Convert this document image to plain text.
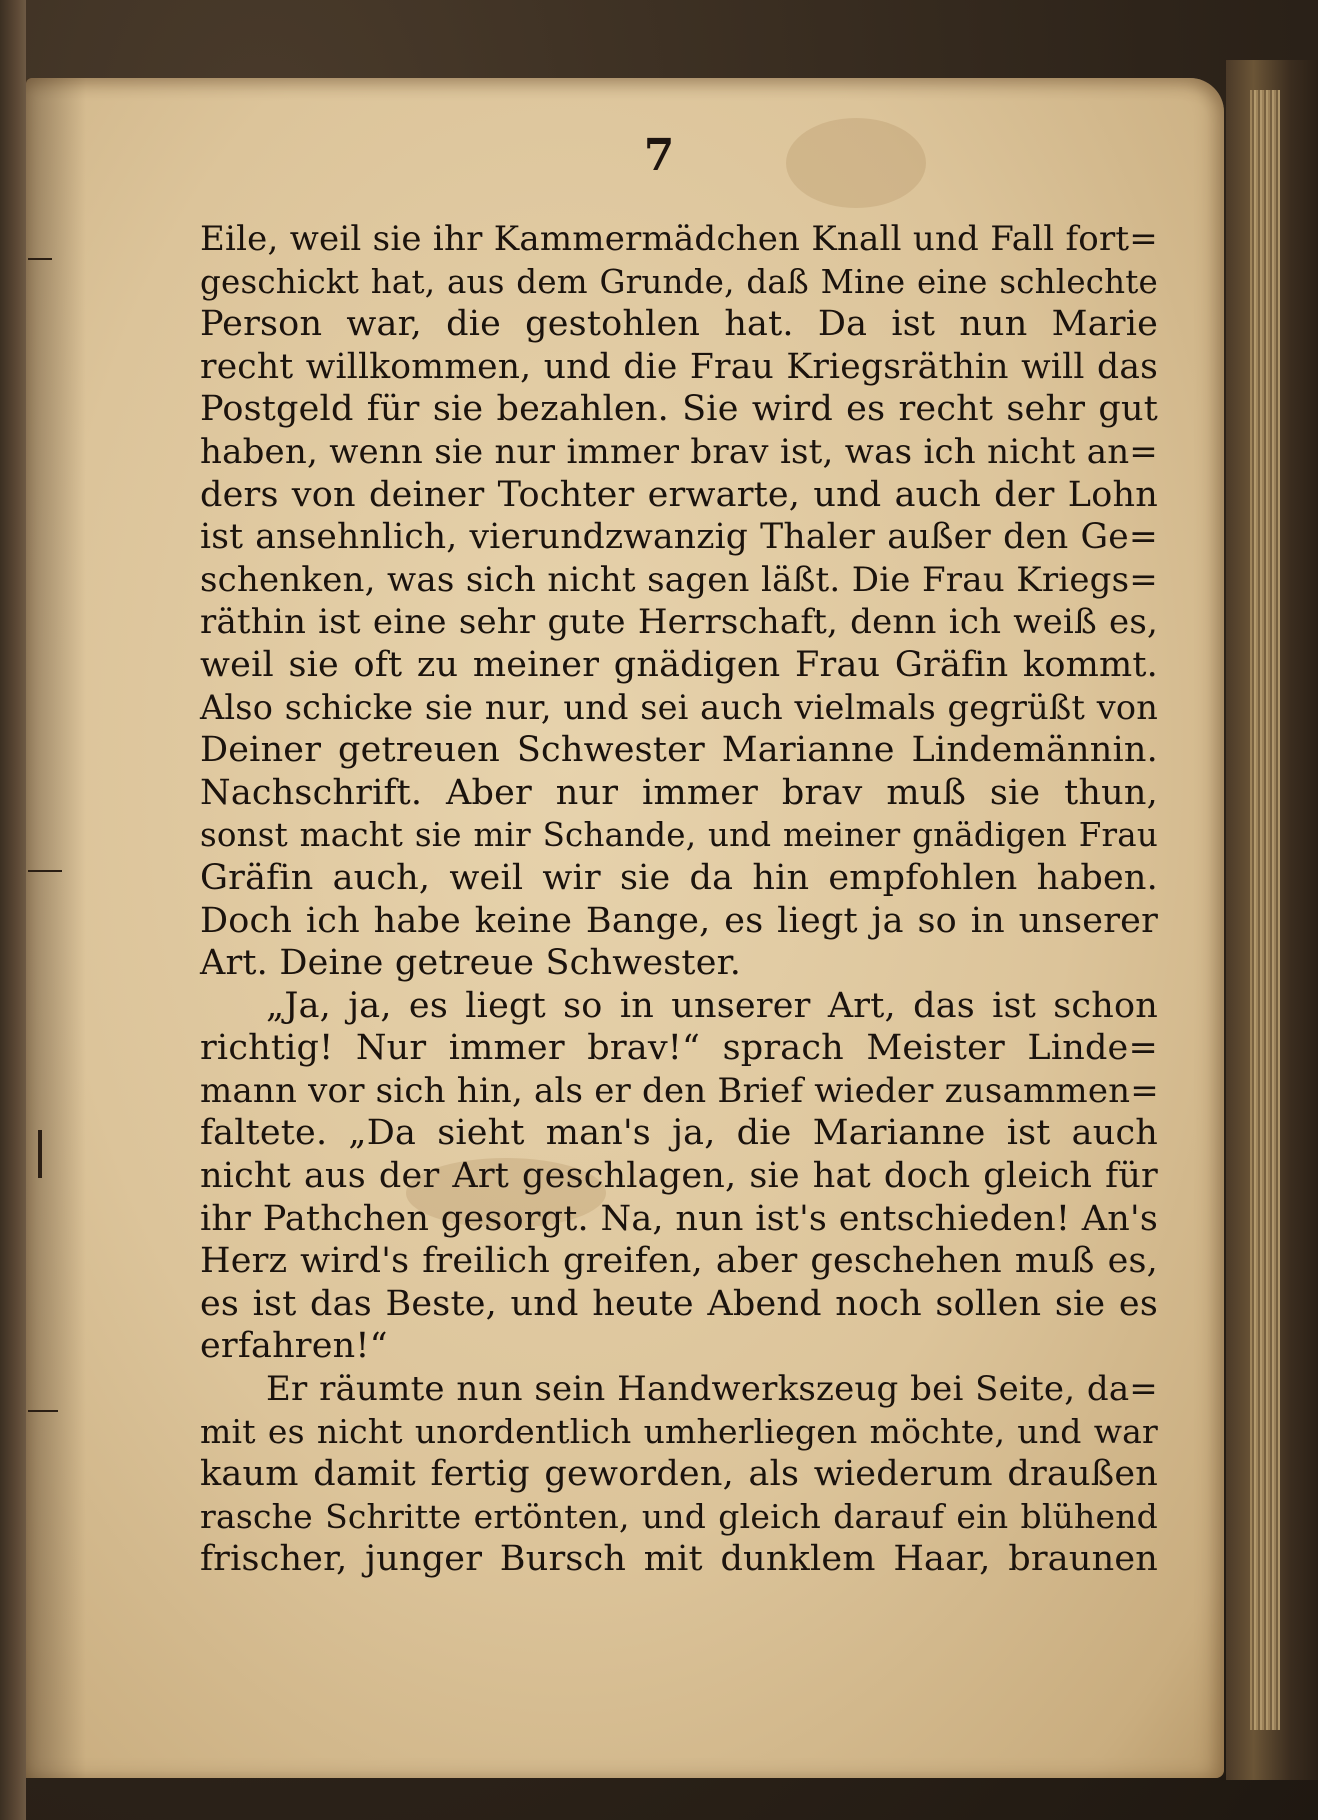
7
Eile, weil sie ihr Kammermädchen Knall und Fall fort=
geschickt hat, aus dem Grunde, daß Mine eine schlechte
Person war, die gestohlen hat. Da ist nun Marie
recht willkommen, und die Frau Kriegsräthin will das
Postgeld für sie bezahlen. Sie wird es recht sehr gut
haben, wenn sie nur immer brav ist, was ich nicht an=
ders von deiner Tochter erwarte, und auch der Lohn
ist ansehnlich, vierundzwanzig Thaler außer den Ge=
schenken, was sich nicht sagen läßt. Die Frau Kriegs=
räthin ist eine sehr gute Herrschaft, denn ich weiß es,
weil sie oft zu meiner gnädigen Frau Gräfin kommt.
Also schicke sie nur, und sei auch vielmals gegrüßt von
Deiner getreuen Schwester Marianne Lindemännin.
Nachschrift. Aber nur immer brav muß sie thun,
sonst macht sie mir Schande, und meiner gnädigen Frau
Gräfin auch, weil wir sie da hin empfohlen haben.
Doch ich habe keine Bange, es liegt ja so in unserer
Art. Deine getreue Schwester.
„Ja, ja, es liegt so in unserer Art, das ist schon
richtig! Nur immer brav!“ sprach Meister Linde=
mann vor sich hin, als er den Brief wieder zusammen=
faltete. „Da sieht man's ja, die Marianne ist auch
nicht aus der Art geschlagen, sie hat doch gleich für
ihr Pathchen gesorgt. Na, nun ist's entschieden! An's
Herz wird's freilich greifen, aber geschehen muß es,
es ist das Beste, und heute Abend noch sollen sie es
erfahren!“
Er räumte nun sein Handwerkszeug bei Seite, da=
mit es nicht unordentlich umherliegen möchte, und war
kaum damit fertig geworden, als wiederum draußen
rasche Schritte ertönten, und gleich darauf ein blühend
frischer, junger Bursch mit dunklem Haar, braunen
